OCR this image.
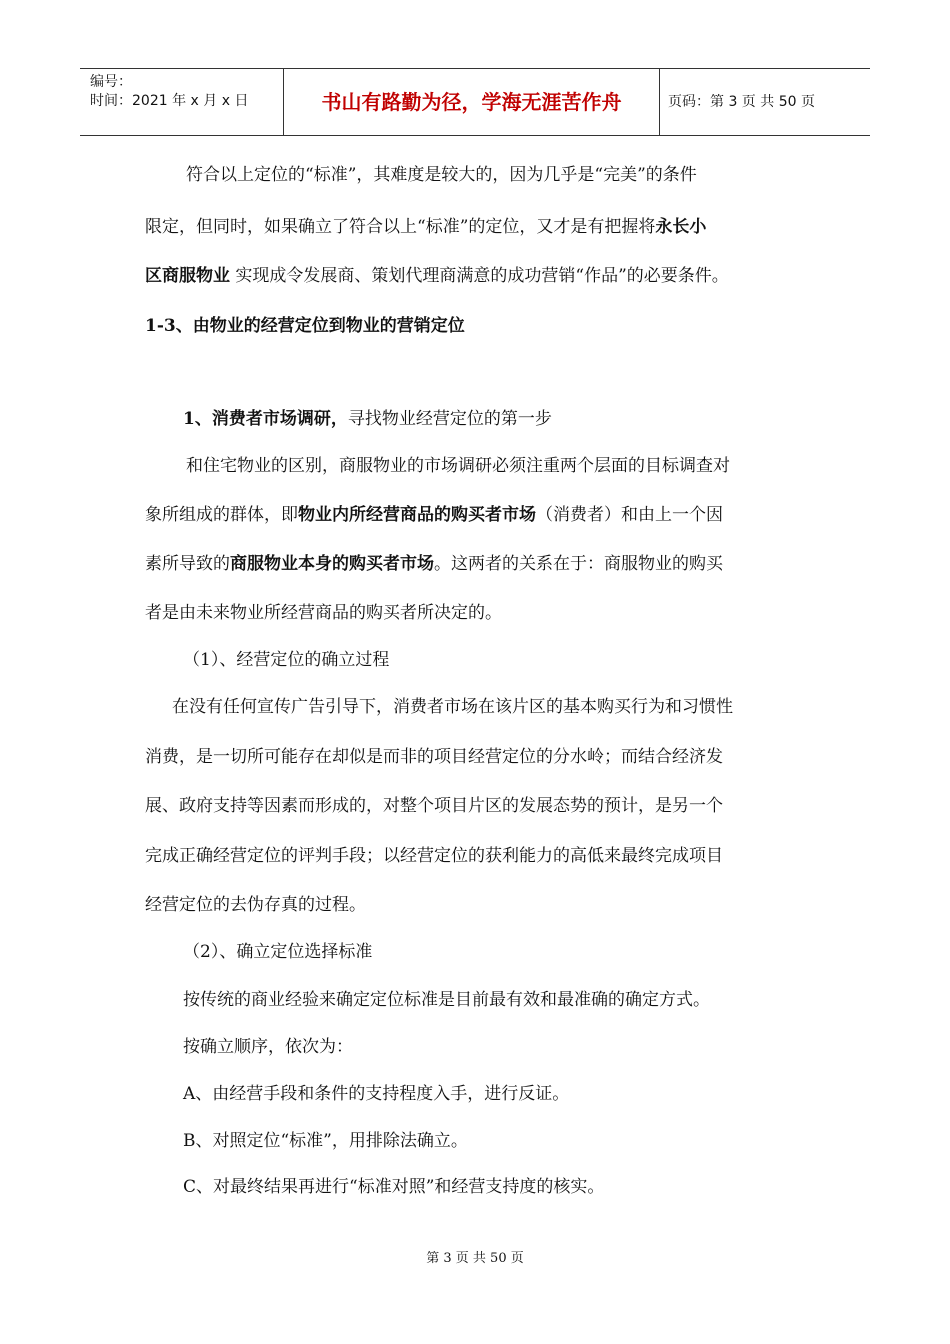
编号：
时间：2021 年 x 月 x 日	书山有路勤为径，学海无涯苦作舟	页码：第 3 页 共 50 页
符合以上定位的“标准”，其难度是较大的，因为几乎是“完美”的条件
限定，但同时，如果确立了符合以上“标准”的定位，又才是有把握将永长小
区商服物业 实现成令发展商、策划代理商满意的成功营销“作品”的必要条件。
1-3、由物业的经营定位到物业的营销定位
1、消费者市场调研，寻找物业经营定位的第一步
和住宅物业的区别，商服物业的市场调研必须注重两个层面的目标调查对
象所组成的群体，即物业内所经营商品的购买者市场（消费者）和由上一个因
素所导致的商服物业本身的购买者市场。这两者的关系在于：商服物业的购买
者是由未来物业所经营商品的购买者所决定的。
（1）、经营定位的确立过程
在没有任何宣传广告引导下，消费者市场在该片区的基本购买行为和习惯性
消费，是一切所可能存在却似是而非的项目经营定位的分水岭；而结合经济发
展、政府支持等因素而形成的，对整个项目片区的发展态势的预计，是另一个
完成正确经营定位的评判手段；以经营定位的获利能力的高低来最终完成项目
经营定位的去伪存真的过程。
（2）、确立定位选择标准
按传统的商业经验来确定定位标准是目前最有效和最准确的确定方式。
按确立顺序，依次为：
A、由经营手段和条件的支持程度入手，进行反证。
B、对照定位“标准”，用排除法确立。
C、对最终结果再进行“标准对照”和经营支持度的核实。
第 3 页 共 50 页
